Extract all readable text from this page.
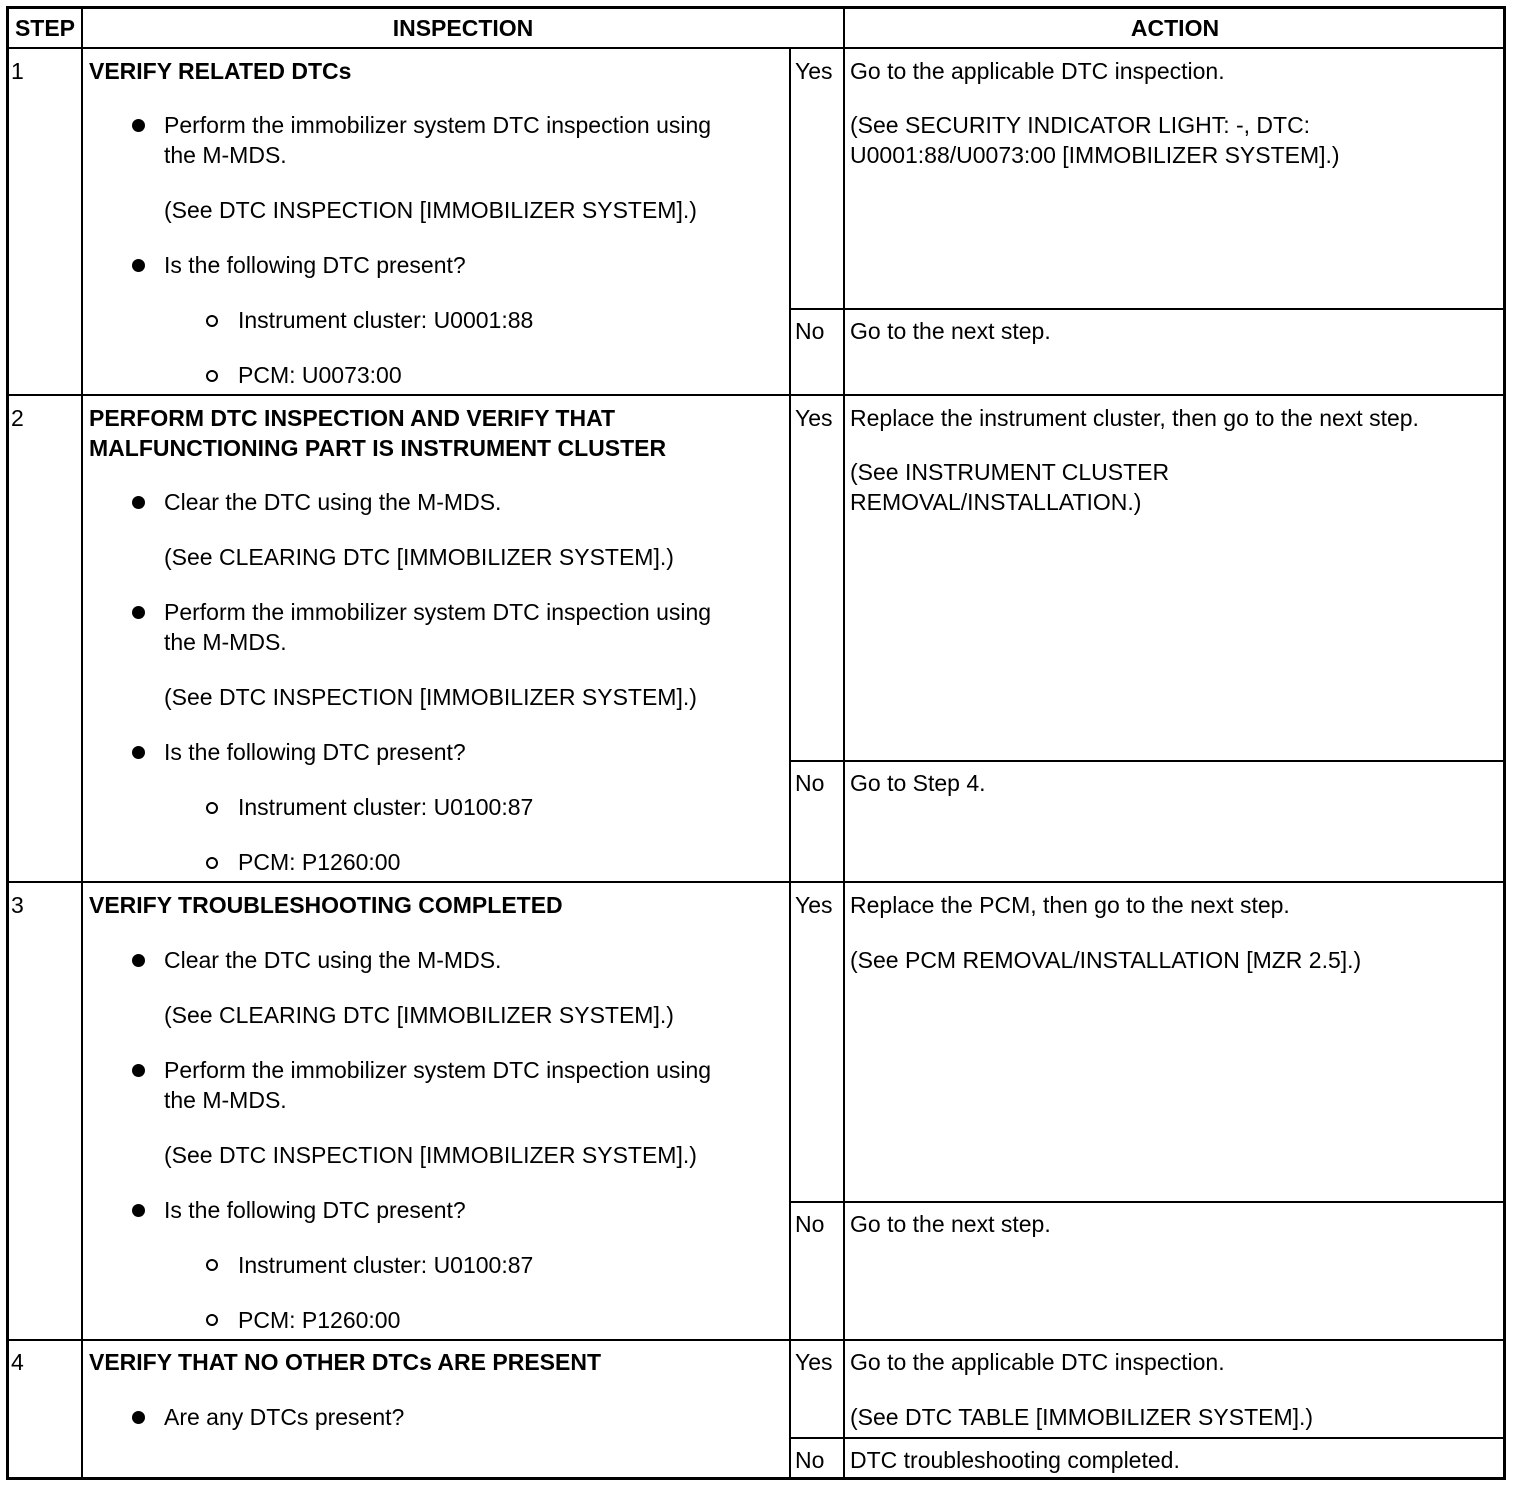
STEP	INSPECTION	ACTION
1	VERIFY RELATED DTCs
Perform the immobilizer system DTC inspection using
the M-MDS.
(See DTC INSPECTION [IMMOBILIZER SYSTEM].)
Is the following DTC present?
Instrument cluster: U0001:88
PCM: U0073:00
Yes Go to the applicable DTC inspection.
(See SECURITY INDICATOR LIGHT: -, DTC:
U0001:88/U0073:00 [IMMOBILIZER SYSTEM].)
No Go to the next step.
2	PERFORM DTC INSPECTION AND VERIFY THAT
MALFUNCTIONING PART IS INSTRUMENT CLUSTER
Clear the DTC using the M-MDS.
(See CLEARING DTC [IMMOBILIZER SYSTEM].)
Perform the immobilizer system DTC inspection using
the M-MDS.
(See DTC INSPECTION [IMMOBILIZER SYSTEM].)
Is the following DTC present?
Instrument cluster: U0100:87
PCM: P1260:00
Yes Replace the instrument cluster, then go to the next step.
(See INSTRUMENT CLUSTER
REMOVAL/INSTALLATION.)
No Go to Step 4.
3	VERIFY TROUBLESHOOTING COMPLETED
Clear the DTC using the M-MDS.
(See CLEARING DTC [IMMOBILIZER SYSTEM].)
Perform the immobilizer system DTC inspection using
the M-MDS.
(See DTC INSPECTION [IMMOBILIZER SYSTEM].)
Is the following DTC present?
Instrument cluster: U0100:87
PCM: P1260:00
Yes Replace the PCM, then go to the next step.
(See PCM REMOVAL/INSTALLATION [MZR 2.5].)
No Go to the next step.
4	VERIFY THAT NO OTHER DTCs ARE PRESENT
Are any DTCs present?
Yes Go to the applicable DTC inspection.
(See DTC TABLE [IMMOBILIZER SYSTEM].)
No DTC troubleshooting completed.
